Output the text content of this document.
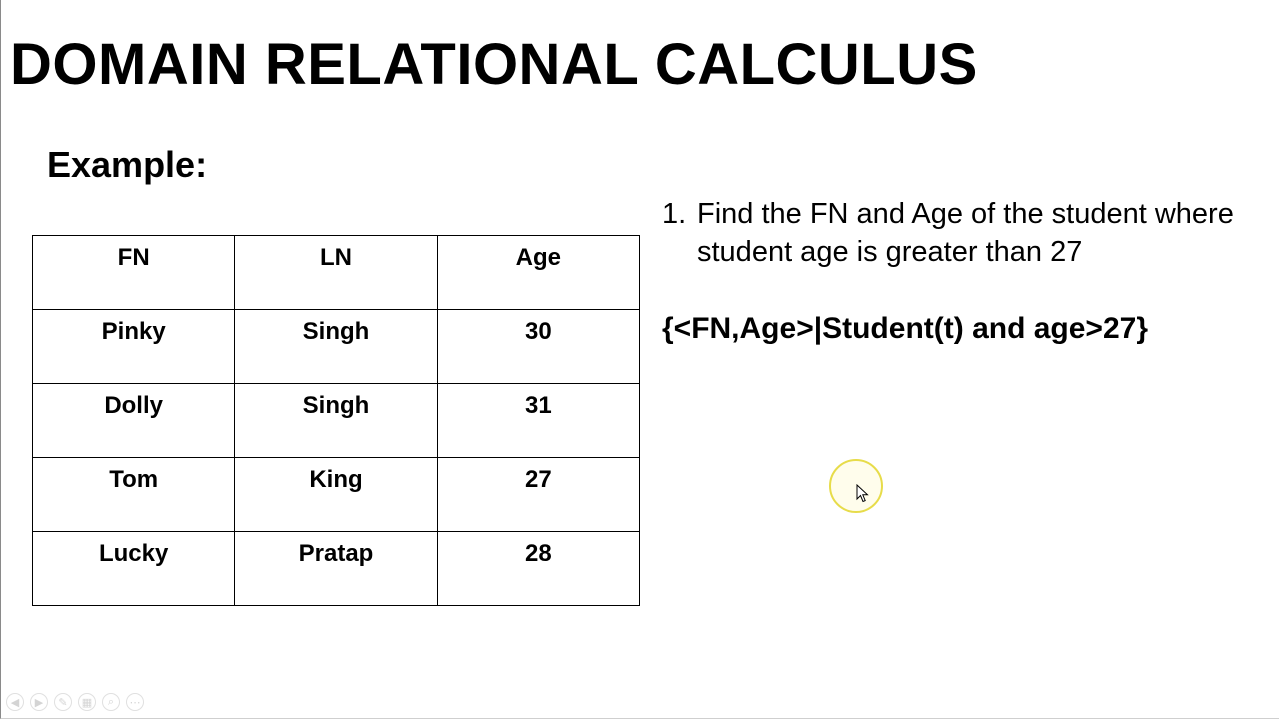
DOMAIN RELATIONAL CALCULUS
Example:
FN	LN	Age
Pinky	Singh	30
Dolly	Singh	31
Tom	King	27
Lucky	Pratap	28
1. Find the FN and Age of the student where student age is greater than 27
{<FN,Age>|Student(t) and age>27}
◀	▶	✎	▦	⌕	⋯
